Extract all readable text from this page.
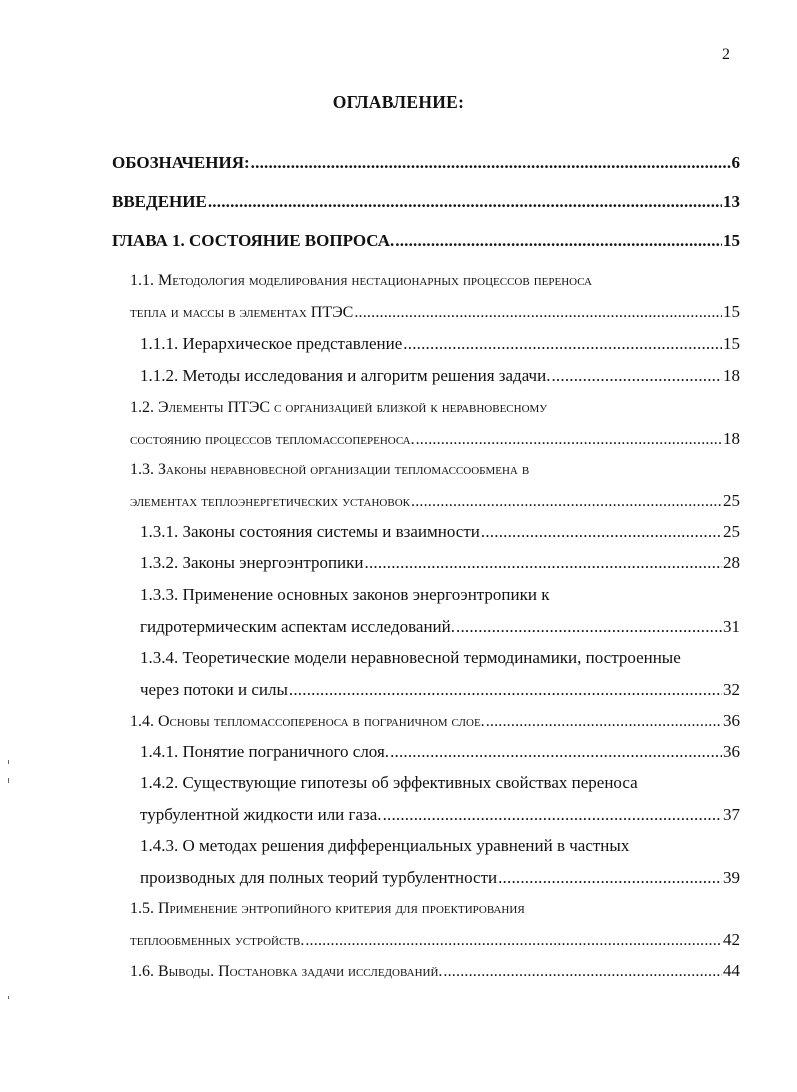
2
ОГЛАВЛЕНИЕ:
ОБОЗНАЧЕНИЯ: .....	6
ВВЕДЕНИЕ .....	13
ГЛАВА 1. СОСТОЯНИЕ ВОПРОСА. .....	15
1.1. Методология моделирования нестационарных процессов переноса
тепла и массы в элементах ПТЭС .....	15
1.1.1. Иерархическое представление .....	15
1.1.2. Методы исследования и алгоритм решения задачи. .....	18
1.2. Элементы ПТЭС с организацией близкой к неравновесному
состоянию процессов тепломассопереноса. .....	18
1.3. Законы неравновесной организации тепломассообмена в
элементах теплоэнергетических установок .....	25
1.3.1. Законы состояния системы и взаимности .....	25
1.3.2. Законы энергоэнтропики .....	28
1.3.3. Применение основных законов энергоэнтропики к
гидротермическим аспектам исследований. .....	31
1.3.4. Теоретические модели неравновесной термодинамики, построенные
через потоки и силы .....	32
1.4. Основы тепломассопереноса в пограничном слое. .....	36
1.4.1. Понятие пограничного слоя. .....	36
1.4.2. Существующие гипотезы об эффективных свойствах переноса
турбулентной жидкости или газа. .....	37
1.4.3. О методах решения дифференциальных уравнений в частных
производных для полных теорий турбулентности .....	39
1.5. Применение энтропийного критерия для проектирования
теплообменных устройств. .....	42
1.6. Выводы. Постановка задачи исследований. .....	44
